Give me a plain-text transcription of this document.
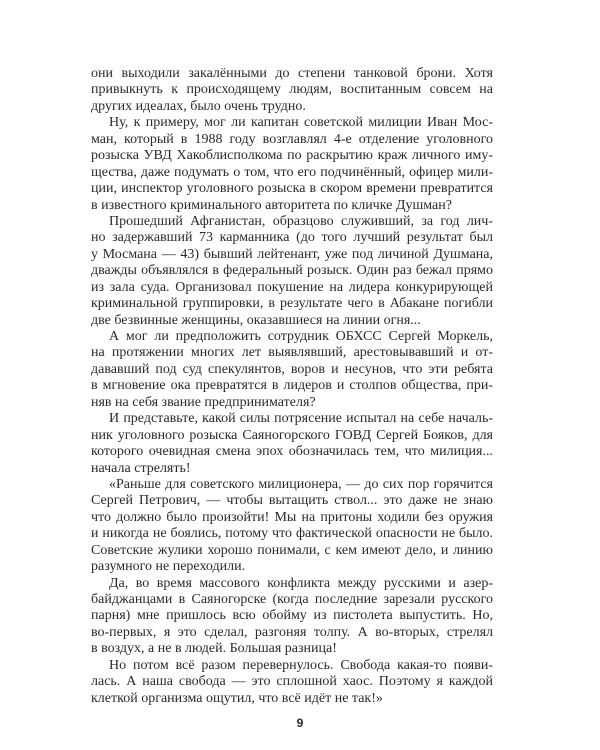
они выходили закалёнными до степени танковой брони. Хотя
привыкнуть к происходящему людям, воспитанным совсем на
других идеалах, было очень трудно.
Ну, к примеру, мог ли капитан советской милиции Иван Мос-
ман, который в 1988 году возглавлял 4-е отделение уголовного
розыска УВД Хакоблисполкома по раскрытию краж личного иму-
щества, даже подумать о том, что его подчинённый, офицер мили-
ции, инспектор уголовного розыска в скором времени превратится
в известного криминального авторитета по кличке Душман?
Прошедший Афганистан, образцово служивший, за год лич-
но задержавший 73 карманника (до того лучший результат был
у Мосмана — 43) бывший лейтенант, уже под личиной Душмана,
дважды объявлялся в федеральный розыск. Один раз бежал прямо
из зала суда. Организовал покушение на лидера конкурирующей
криминальной группировки, в результате чего в Абакане погибли
две безвинные женщины, оказавшиеся на линии огня...
А мог ли предположить сотрудник ОБХСС Сергей Моркель,
на протяжении многих лет выявлявший, арестовывавший и от-
дававший под суд спекулянтов, воров и несунов, что эти ребята
в мгновение ока превратятся в лидеров и столпов общества, при-
няв на себя звание предпринимателя?
И представьте, какой силы потрясение испытал на себе началь-
ник уголовного розыска Саяногорского ГОВД Сергей Бояков, для
которого очевидная смена эпох обозначилась тем, что милиция...
начала стрелять!
«Раньше для советского милиционера, — до сих пор горячится
Сергей Петрович, — чтобы вытащить ствол... это даже не знаю
что должно было произойти! Мы на притоны ходили без оружия
и никогда не боялись, потому что фактической опасности не было.
Советские жулики хорошо понимали, с кем имеют дело, и линию
разумного не переходили.
Да, во время массового конфликта между русскими и азер-
байджанцами в Саяногорске (когда последние зарезали русского
парня) мне пришлось всю обойму из пистолета выпустить. Но,
во-первых, я это сделал, разгоняя толпу. А во-вторых, стрелял
в воздух, а не в людей. Большая разница!
Но потом всё разом перевернулось. Свобода какая-то появи-
лась. А наша свобода — это сплошной хаос. Поэтому я каждой
клеткой организма ощутил, что всё идёт не так!»
9
